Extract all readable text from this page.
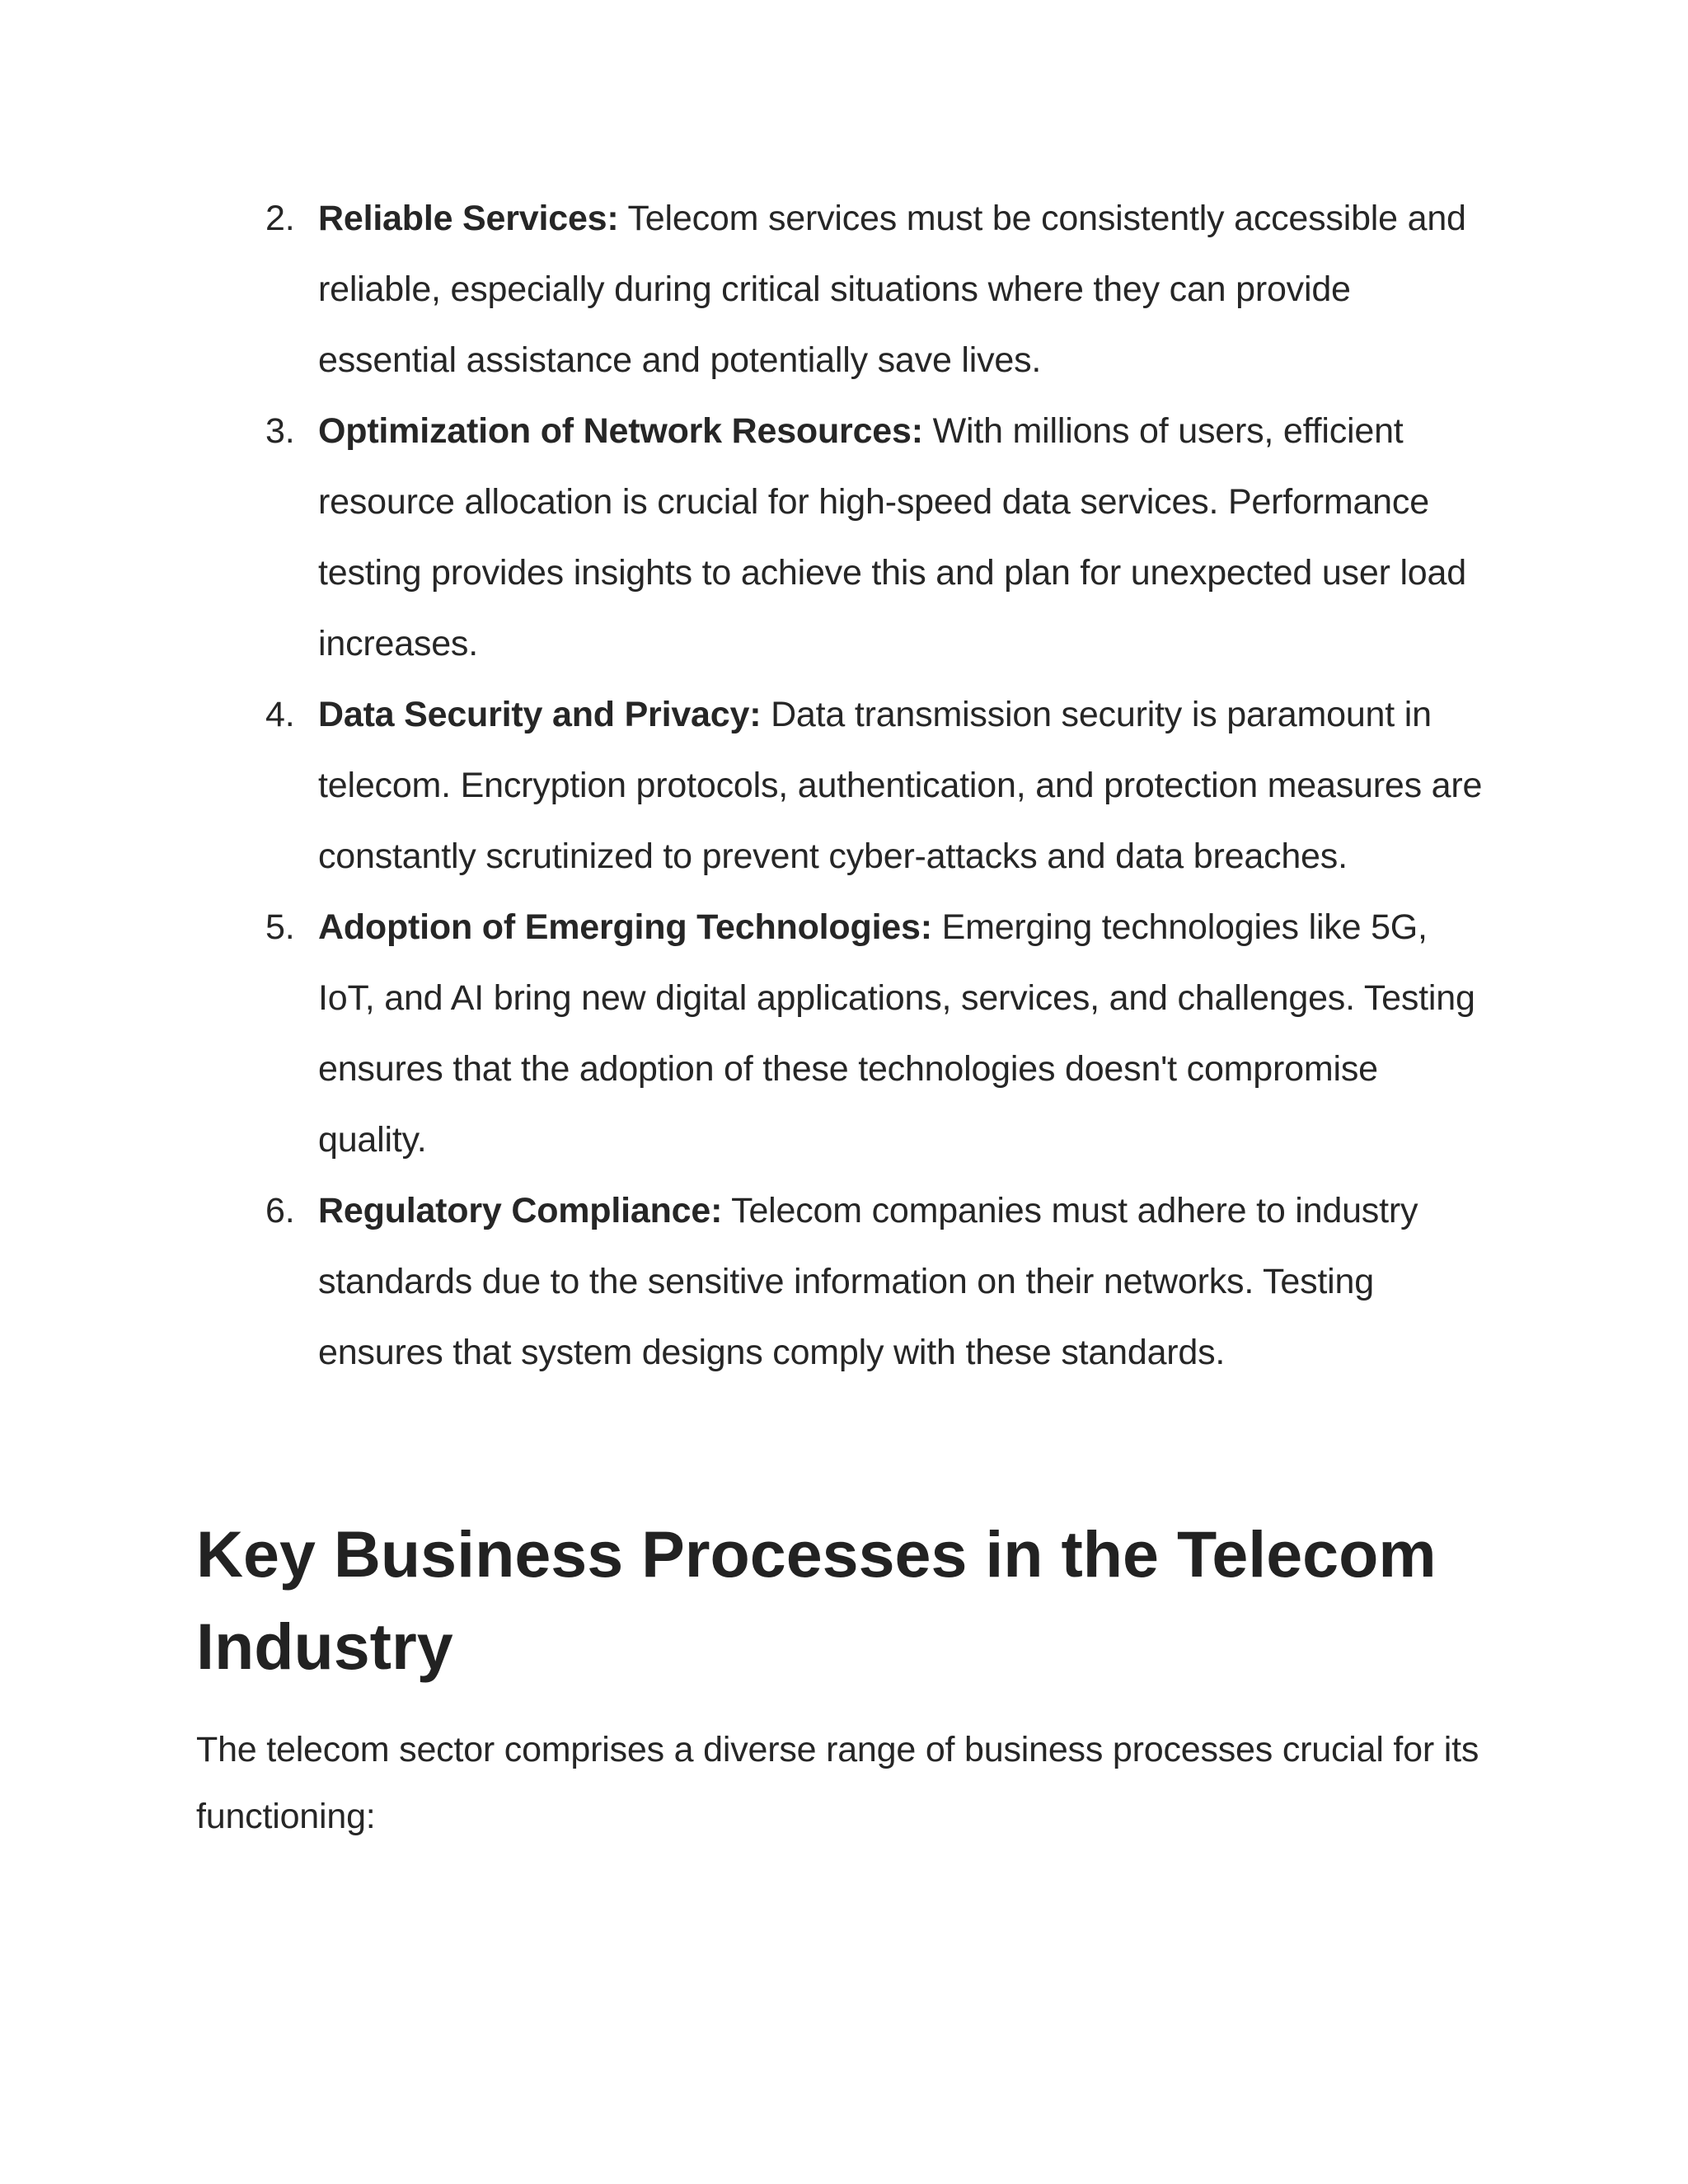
2. Reliable Services: Telecom services must be consistently accessible and reliable, especially during critical situations where they can provide essential assistance and potentially save lives.
3. Optimization of Network Resources: With millions of users, efficient resource allocation is crucial for high-speed data services. Performance testing provides insights to achieve this and plan for unexpected user load increases.
4. Data Security and Privacy: Data transmission security is paramount in telecom. Encryption protocols, authentication, and protection measures are constantly scrutinized to prevent cyber-attacks and data breaches.
5. Adoption of Emerging Technologies: Emerging technologies like 5G, IoT, and AI bring new digital applications, services, and challenges. Testing ensures that the adoption of these technologies doesn't compromise quality.
6. Regulatory Compliance: Telecom companies must adhere to industry standards due to the sensitive information on their networks. Testing ensures that system designs comply with these standards.
Key Business Processes in the Telecom Industry

The telecom sector comprises a diverse range of business processes crucial for its functioning:
